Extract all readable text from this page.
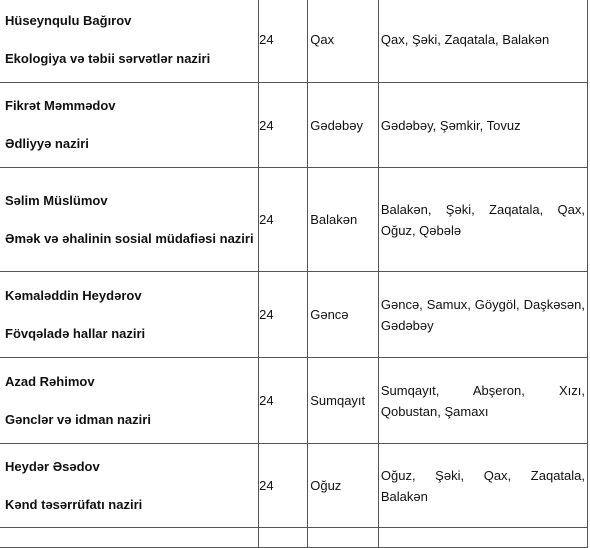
Hüseynqulu Bağırov
Ekologiya və təbii sərvətlər naziri	24	Qax	Qax, Şəki, Zaqatala, Balakən

Fikrət Məmmədov
Ədliyyə naziri	24	Gədəbəy	Gədəbəy, Şəmkir, Tovuz

Səlim Müslümov
Əmək və əhalinin sosial müdafiəsi naziri	24	Balakən	Balakən, Şəki, Zaqatala, Qax, Oğuz, Qəbələ

Kəmaləddin Heydərov
Fövqəladə hallar naziri	24	Gəncə	Gəncə, Samux, Göygöl, Daşkəsən, Gədəbəy

Azad Rəhimov
Gənclər və idman naziri	24	Sumqayıt	Sumqayıt, Abşeron, Xızı, Qobustan, Şamaxı

Heydər Əsədov
Kənd təsərrüfatı naziri	24	Oğuz	Oğuz, Şəki, Qax, Zaqatala, Balakən
